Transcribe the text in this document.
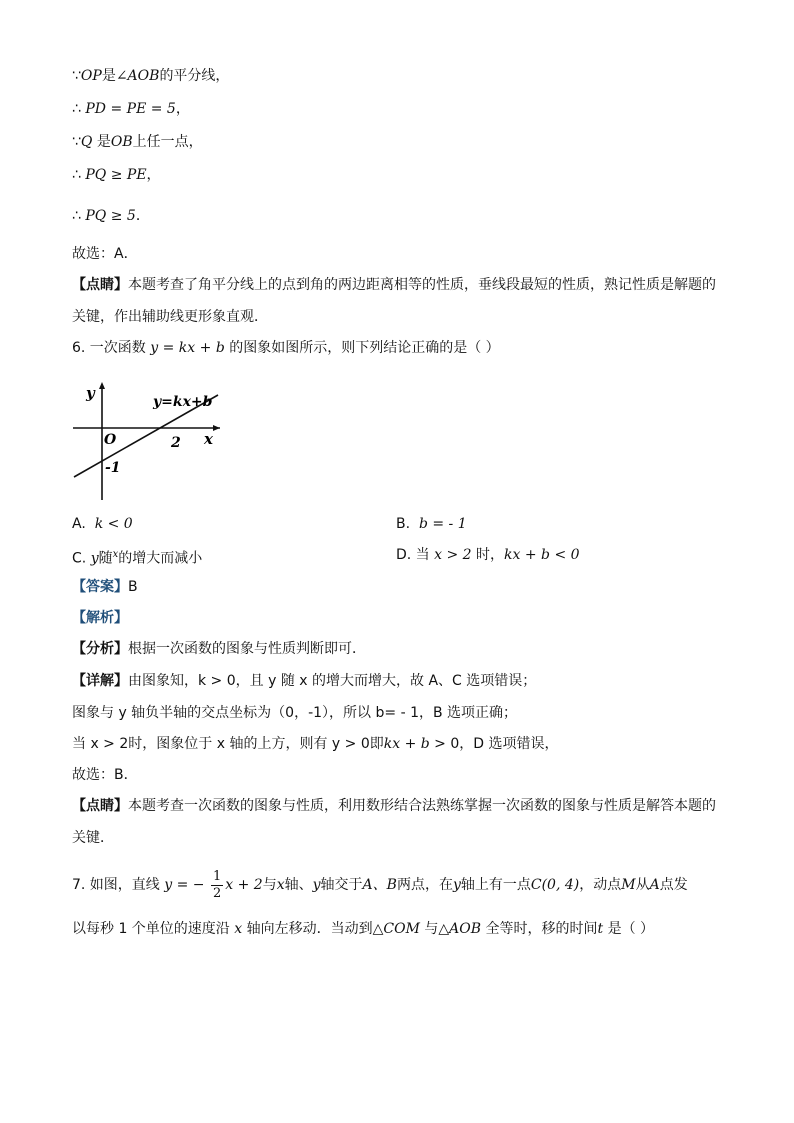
∵OP是∠AOB的平分线，
∴ PD = PE = 5，
∵Q 是OB上任一点，
∴ PQ ≥ PE，
∴ PQ ≥ 5．
故选：A．
【点睛】本题考查了角平分线上的点到角的两边距离相等的性质，垂线段最短的性质，熟记性质是解题的
关键，作出辅助线更形象直观．
6. 一次函数 y = kx + b 的图象如图所示，则下列结论正确的是（ ）
y
x
y=kx+b
O	2
-1
A. k < 0	B. b = - 1
C. y随$^x$的增大而减小	D. 当 x > 2 时，kx + b < 0
【答案】B
【解析】
【分析】根据一次函数的图象与性质判断即可．
【详解】由图象知，k > 0，且 y 随 x 的增大而增大，故 A、C 选项错误；
图象与 y 轴负半轴的交点坐标为（0，-1），所以 b= - 1，B 选项正确；
当 x > 2时，图象位于 x 轴的上方，则有 y > 0即kx + b > 0，D 选项错误，
故选：B．
【点睛】本题考查一次函数的图象与性质，利用数形结合法熟练掌握一次函数的图象与性质是解答本题的
关键．
7. 如图，直线 y = − $\frac{1}{2}$ x + 2与x轴、y轴交于A、B两点，在y轴上有一点C(0, 4)，动点M从A点发
以每秒 1 个单位的速度沿 x 轴向左移动．当动到△COM 与△AOB 全等时，移的时间t 是（ ）
